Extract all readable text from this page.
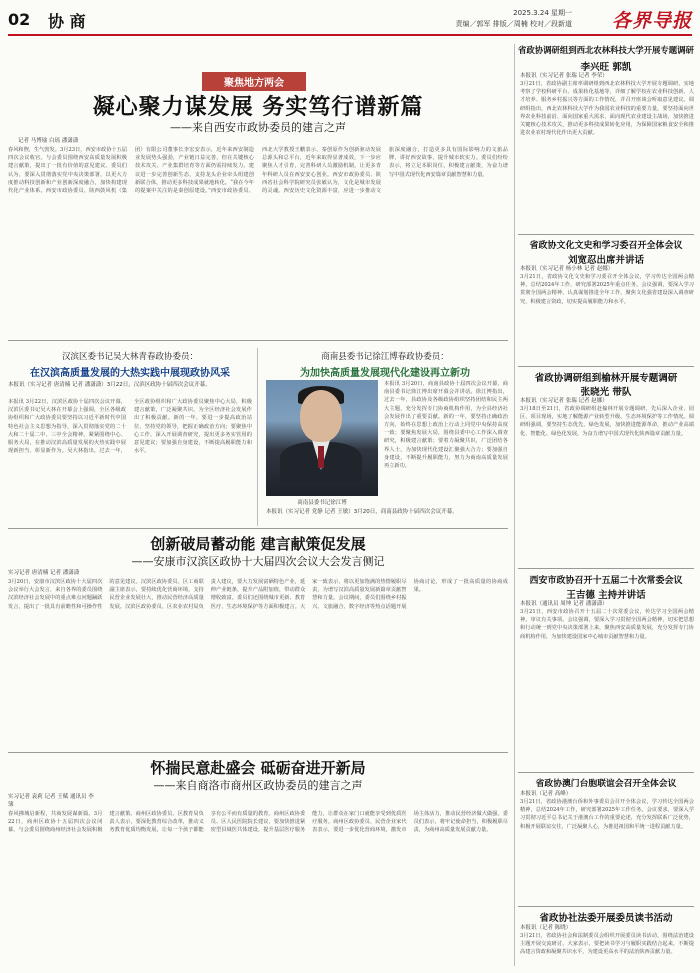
02 协 商	2025.3.24 星期一
责编／郭军 排版／周楠 校对／段新道 各界导报
聚焦地方两会
凝心聚力谋发展 务实笃行谱新篇
——来自西安市政协委员的建言之声
记者 马博瑜 白瑶 潘潇潇
春风和煦，生气勃发。3月23日，西安市政协十五届四次会议收官。与会委员围绕西安高质量发展积极建言献策，提出了一批有价值的意见建议。委员们认为，要深入贯彻落实党中央决策部署，以更大力度推动科技创新和产业创新深度融合，加快构建现代化产业体系。西安市政协委员、陕西鼓风机（集团）有限公司董事长李宏安表示，近年来西安制造业发展势头强劲，产业链日益完善，但在关键核心技术攻关、产业集群培育等方面仍需持续发力。建议进一步完善创新生态，支持龙头企业牵头组建创新联合体，推动更多科技成果就地转化。“我在今年的提案中关注的是秦创原建设。”西安市政协委员、西北大学教授王鹏表示，秦创原作为创新驱动发展总源头和总平台，近年来取得显著成效，下一步应聚焦人才引育，完善科研人员激励机制，让更多青年科研人员在西安安心创业。西安市政协委员、陕西省社会科学院研究员张敏认为，文化是城市发展的灵魂。西安历史文化资源丰富，应进一步推动文旅深度融合，打造更多具有国际影响力的文旅品牌，讲好西安故事，提升城市软实力。委员们纷纷表示，将立足本职岗位，积极建言献策，为奋力谱写中国式现代化西安篇章贡献智慧和力量。
汉滨区委书记吴大林青春政协委员：
在汉滨高质量发展的大热实践中展现政协风采
本报讯（实习记者 唐清楠 记者 潘潇潇）3月22日，汉滨区政协十届四次会议开幕。
本报讯 3月22日，汉滨区政协十届四次会议开幕，汉滨区委书记吴大林在开幕会上强调，全区各级政协组织和广大政协委员要坚持以习近平新时代中国特色社会主义思想为指导，深入贯彻落实党的二十大和二十届二中、三中全会精神，紧紧围绕中心、服务大局，在推动汉滨高质量发展的火热实践中展现新担当、彰显新作为。吴大林指出，过去一年，全区政协组织和广大政协委员聚焦中心大局，积极建言献策，广泛凝聚共识，为全区经济社会发展作出了积极贡献。新的一年，要进一步提高政治站位，坚持党的领导，把握正确政治方向；要聚焦中心工作，深入开展调查研究，提出更多务实管用的意见建议；要加强自身建设，不断提高履职能力和水平。
商南县委书记徐江博春政协委员：
为加快高质量发展现代化建设再立新功
商南县委书记徐江博
本报讯 3月20日，商南县政协十届四次会议开幕，商南县委书记徐江博出席开幕会并讲话。徐江博指出，过去一年，县政协及各级政协组织坚持团结和民主两大主题，充分发挥专门协商机构作用，为全县经济社会发展作出了重要贡献。新的一年，要坚持正确政治方向，始终在思想上政治上行动上同党中央保持高度一致；要聚焦发展大局，围绕县委中心工作深入调查研究，积极建言献策；要着力凝聚共识，广泛团结各界人士，为加快现代化建设汇聚强大合力；要加强自身建设，不断提升履职能力，努力为商南高质量发展再立新功。
本报讯（实习记者 党静 记者 王敏）3月20日，商南县政协十届四次会议开幕。
创新破局蓄动能 建言献策促发展
——安康市汉滨区政协十大届四次会议大会发言侧记
实习记者 唐清楠 记者 潘潇潇
3月20日，安康市汉滨区政协十大届四次会议举行大会发言，来自各界的委员围绕汉滨经济社会发展中的重点难点问题踊跃发言，提出了一批具有前瞻性和可操作性的意见建议。汉滨区政协委员、区工商联副主席表示，要持续优化营商环境，支持民营企业发展壮大，推动民营经济高质量发展。汉滨区政协委员、区农业农村局负责人建议，要大力发展富硒特色产业，延伸产业链条，提升产品附加值，带动群众增收致富。委员们还围绕城市更新、教育医疗、生态环境保护等方面积极建言。大家一致表示，将以更加饱满的热情履职尽责，为谱写汉滨高质量发展新篇章贡献智慧和力量。会议期间，委员们围绕乡村振兴、文旅融合、数字经济等热点话题开展协商讨论，形成了一批高质量的协商成果。
怀揣民意赴盛会 砥砺奋进开新局
——来自商洛市商州区政协委员的建言之声
实习记者 袁莉 记者 王赋 通讯员 李簿
春风拂城启新程，共商发展谋新篇。3月22日，商州区政协十五届四次会议闭幕，与会委员围绕商州经济社会发展积极建言献策。商州区政协委员、区教育局负责人表示，要深化教育综合改革，推动义务教育优质均衡发展，让每一个孩子都能享有公平而有质量的教育。商州区政协委员、区人民医院院长建议，要加快推进紧密型县域医共体建设，提升基层医疗服务能力，让群众在家门口就能享受到优质医疗服务。商州区政协委员、民营企业家代表表示，要进一步优化营商环境，激发市场主体活力，推动民营经济做大做强。委员们表示，将牢记使命担当，积极履职尽责，为商州高质量发展贡献力量。
省政协调研组到西北农林科技大学开展专题调研
李兴旺 郭凯
本报讯（实习记者 张瑞 记者 李荣）
3月21日，省政协副主席率调研组到西北农林科技大学开展专题调研，实地考察了学校科研平台、成果转化基地等，详细了解学校在农业科技创新、人才培养、服务乡村振兴等方面的工作情况，并召开座谈会听取意见建议。调研组指出，西北农林科技大学作为我国农业科技的重要力量，要坚持面向世界农业科技前沿、面向国家重大需求、面向现代农业建设主战场，加快推进关键核心技术攻关，推动更多科技成果转化应用，为保障国家粮食安全和推进农业农村现代化作出更大贡献。
省政协文化文史和学习委召开全体会议
刘宽忍出席并讲话
本报讯（实习记者 杨小林 记者 赵娜）
3月21日，省政协文化文史和学习委召开全体会议，学习传达全国两会精神，总结2024年工作，研究部署2025年重点任务。会议强调，要深入学习贯彻全国两会精神，认真谋划推进全年工作，聚焦文化强省建设深入调查研究，积极建言资政，切实提高履职能力和水平。
省政协调研组到榆林开展专题调研
张晓光 带队
本报讯（实习记者 张瑞 记者 赵娜）
3月18日至21日，省政协调研组赴榆林开展专题调研，先后深入企业、园区、项目现场，实地了解能源产业转型升级、生态环境保护等工作情况。调研组强调，要坚持生态优先、绿色发展，加快推进能源革命，推动产业高端化、智能化、绿色化发展，为奋力谱写中国式现代化陕西篇章贡献力量。
西安市政协召开十五届二十次常委会议
王吉德 主持并讲话
本报讯（通讯员 周坤 记者 潘潇潇）
3月21日，西安市政协召开十五届二十次常委会议，传达学习全国两会精神，审议有关事项。会议强调，要深入学习贯彻全国两会精神，切实把思想和行动统一到党中央决策部署上来，聚焦西安高质量发展，充分发挥专门协商机构作用，为加快建设国家中心城市贡献智慧和力量。
省政协澳门台胞联谊会召开全体会议
本报讯（记者 高峰）
3月21日，省政协港澳台侨和外事委员会召开全体会议，学习传达全国两会精神，总结2024年工作，研究部署2025年工作任务。会议要求，要深入学习贯彻习近平总书记关于港澳台工作的重要论述，充分发挥联系广泛优势，积极开展联谊交往，广泛凝聚人心，为推进祖国和平统一进程贡献力量。
省政协社法委开展委员读书活动
本报讯（记者 陈晓）
3月21日，省政协社会和法制委员会组织开展委员读书活动，围绕法治建设主题开展交流研讨。大家表示，要把读书学习与履职实践结合起来，不断提高建言资政和凝聚共识水平，为建设更高水平的法治陕西贡献力量。
